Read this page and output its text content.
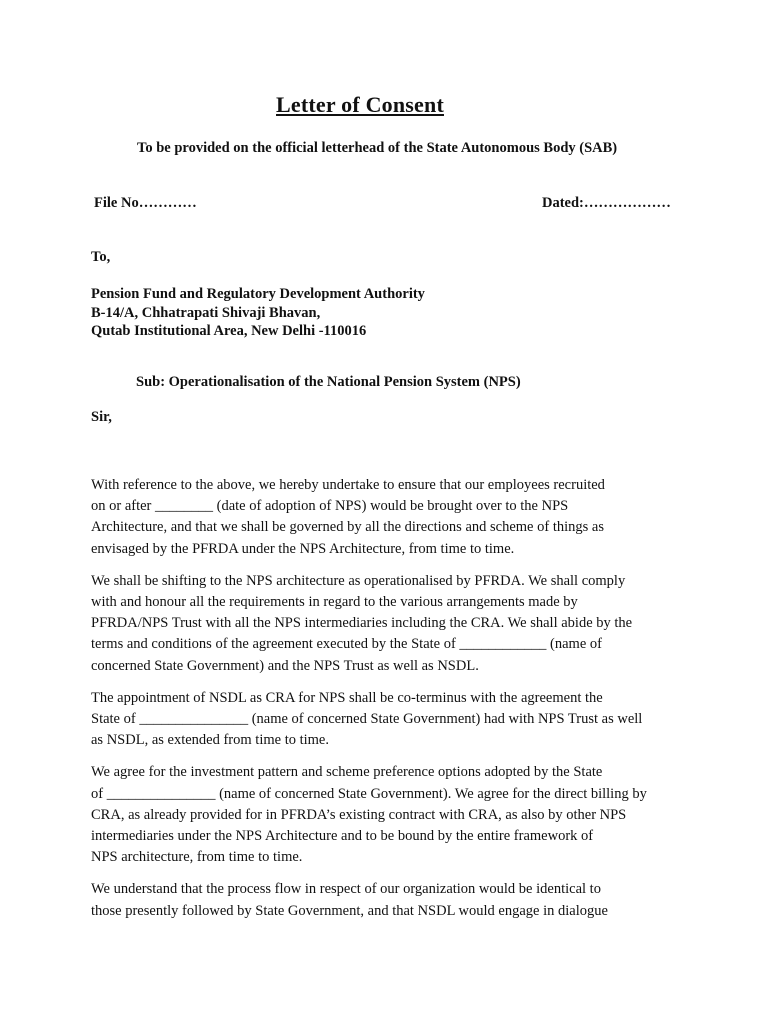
Letter of Consent
To be provided on the official letterhead of the State Autonomous Body (SAB)
File No…………	Dated:………………
To,
Pension Fund and Regulatory Development Authority
B-14/A, Chhatrapati Shivaji Bhavan,
Qutab Institutional Area, New Delhi -110016
Sub: Operationalisation of the National Pension System (NPS)
Sir,

With reference to the above, we hereby undertake to ensure that our employees recruited
on or after ________ (date of adoption of NPS) would be brought over to the NPS
Architecture, and that we shall be governed by all the directions and scheme of things as
envisaged by the PFRDA under the NPS Architecture, from time to time.

We shall be shifting to the NPS architecture as operationalised by PFRDA. We shall comply
with and honour all the requirements in regard to the various arrangements made by
PFRDA/NPS Trust with all the NPS intermediaries including the CRA. We shall abide by the
terms and conditions of the agreement executed by the State of ____________ (name of
concerned State Government) and the NPS Trust as well as NSDL.

The appointment of NSDL as CRA for NPS shall be co-terminus with the agreement the
State of _______________ (name of concerned State Government) had with NPS Trust as well
as NSDL, as extended from time to time.

We agree for the investment pattern and scheme preference options adopted by the State
of _______________ (name of concerned State Government). We agree for the direct billing by
CRA, as already provided for in PFRDA’s existing contract with CRA, as also by other NPS
intermediaries under the NPS Architecture and to be bound by the entire framework of
NPS architecture, from time to time.

We understand that the process flow in respect of our organization would be identical to
those presently followed by State Government, and that NSDL would engage in dialogue
